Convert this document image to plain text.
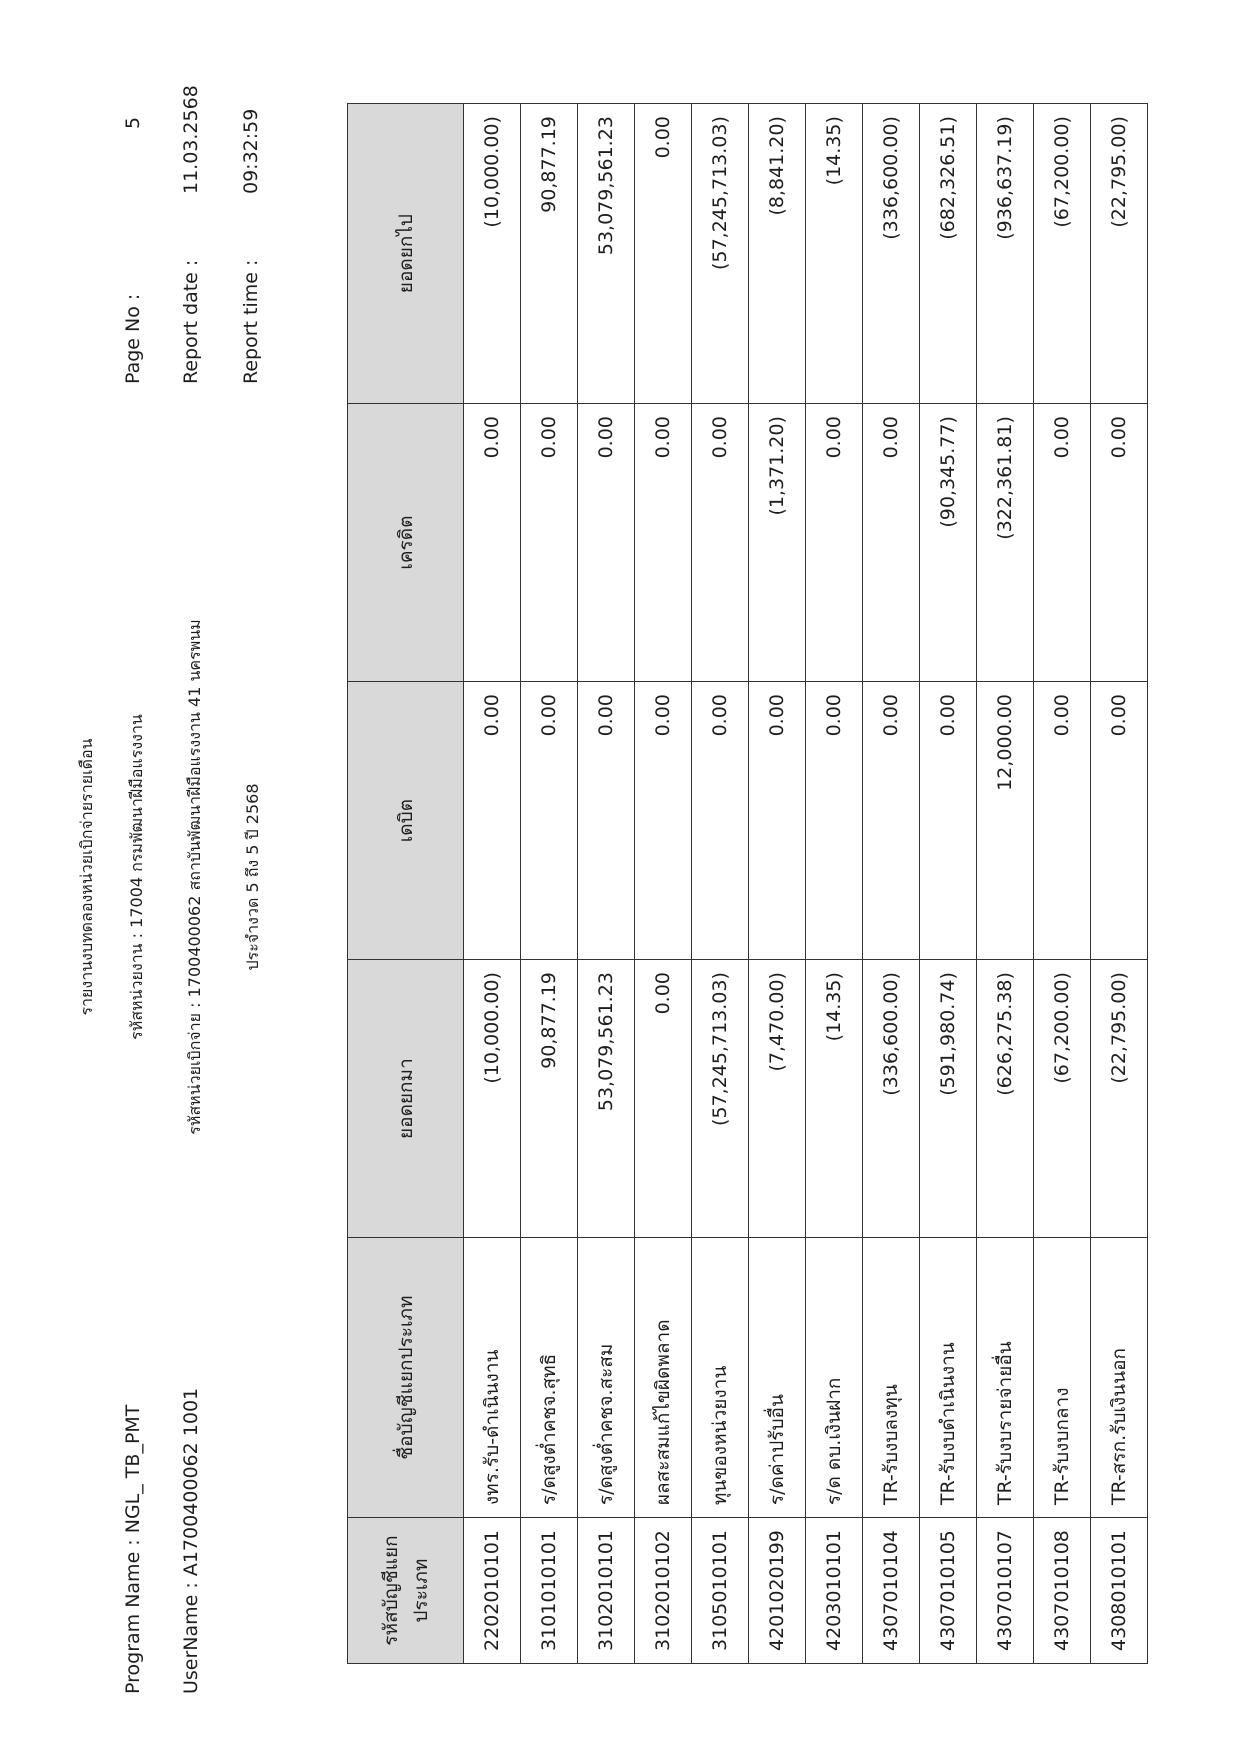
Program Name : NGL_ TB_PMT UserName : A1700400062 1001
รายงานงบทดลองหน่วยเบิกจ่ายรายเดือน รหัสหน่วยงาน : 17004 กรมพัฒนาฝีมือแรงงาน รหัสหน่วยเบิกจ่าย : 1700400062 สถาบันพัฒนาฝีมือแรงงาน 41 นครพนม ประจำงวด 5 ถึง 5 ปี 2568
Page No :
5
Report date :
11.03.2568
Report time :
09:32:59
รหัสบัญชีแยกประเภท	ชื่อบัญชีแยกประเภท	ยอดยกมา	เดบิต	เครดิต	ยอดยกไป
2202010101	งทร.รับ-ดำเนินงาน	(10,000.00)	0.00	0.00	(10,000.00)
3101010101	ร/ดสูงต่ำคชจ.สุทธิ	90,877.19	0.00	0.00	90,877.19
3102010101	ร/ดสูงต่ำคชจ.สะสม	53,079,561.23	0.00	0.00	53,079,561.23
3102010102	ผลสะสมแก้ไขผิดพลาด	0.00	0.00	0.00	0.00
3105010101	ทุนของหน่วยงาน	(57,245,713.03)	0.00	0.00	(57,245,713.03)
4201020199	ร/ดค่าปรับอื่น	(7,470.00)	0.00	(1,371.20)	(8,841.20)
4203010101	ร/ด ดบ.เงินฝาก	(14.35)	0.00	0.00	(14.35)
4307010104	TR-รับงบลงทุน	(336,600.00)	0.00	0.00	(336,600.00)
4307010105	TR-รับงบดำเนินงาน	(591,980.74)	0.00	(90,345.77)	(682,326.51)
4307010107	TR-รับงบรายจ่ายอื่น	(626,275.38)	12,000.00	(322,361.81)	(936,637.19)
4307010108	TR-รับงบกลาง	(67,200.00)	0.00	0.00	(67,200.00)
4308010101	TR-สรก.รับเงินนอก	(22,795.00)	0.00	0.00	(22,795.00)
